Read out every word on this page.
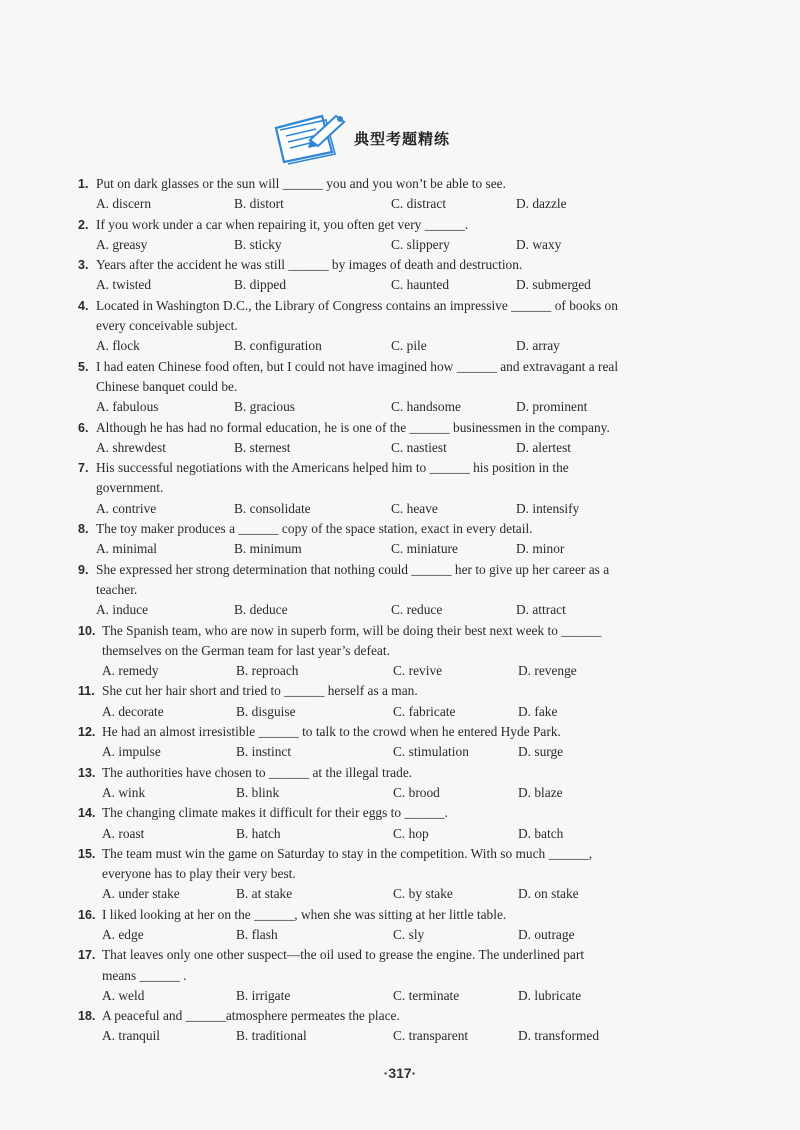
典型考题精练
1. Put on dark glasses or the sun will ______ you and you won’t be able to see.
A. discern	B. distort	C. distract	D. dazzle
2. If you work under a car when repairing it, you often get very ______.
A. greasy	B. sticky	C. slippery	D. waxy
3. Years after the accident he was still ______ by images of death and destruction.
A. twisted	B. dipped	C. haunted	D. submerged
4. Located in Washington D.C., the Library of Congress contains an impressive ______ of books on
every conceivable subject.
A. flock	B. configuration	C. pile	D. array
5. I had eaten Chinese food often, but I could not have imagined how ______ and extravagant a real
Chinese banquet could be.
A. fabulous	B. gracious	C. handsome	D. prominent
6. Although he has had no formal education, he is one of the ______ businessmen in the company.
A. shrewdest	B. sternest	C. nastiest	D. alertest
7. His successful negotiations with the Americans helped him to ______ his position in the
government.
A. contrive	B. consolidate	C. heave	D. intensify
8. The toy maker produces a ______ copy of the space station, exact in every detail.
A. minimal	B. minimum	C. miniature	D. minor
9. She expressed her strong determination that nothing could ______ her to give up her career as a
teacher.
A. induce	B. deduce	C. reduce	D. attract
10. The Spanish team, who are now in superb form, will be doing their best next week to ______
themselves on the German team for last year’s defeat.
A. remedy	B. reproach	C. revive	D. revenge
11. She cut her hair short and tried to ______ herself as a man.
A. decorate	B. disguise	C. fabricate	D. fake
12. He had an almost irresistible ______ to talk to the crowd when he entered Hyde Park.
A. impulse	B. instinct	C. stimulation	D. surge
13. The authorities have chosen to ______ at the illegal trade.
A. wink	B. blink	C. brood	D. blaze
14. The changing climate makes it difficult for their eggs to ______.
A. roast	B. hatch	C. hop	D. batch
15. The team must win the game on Saturday to stay in the competition. With so much ______,
everyone has to play their very best.
A. under stake	B. at stake	C. by stake	D. on stake
16. I liked looking at her on the ______, when she was sitting at her little table.
A. edge	B. flash	C. sly	D. outrage
17. That leaves only one other suspect—the oil used to grease the engine. The underlined part
means ______ .
A. weld	B. irrigate	C. terminate	D. lubricate
18. A peaceful and ______atmosphere permeates the place.
A. tranquil	B. traditional	C. transparent	D. transformed
·317·
